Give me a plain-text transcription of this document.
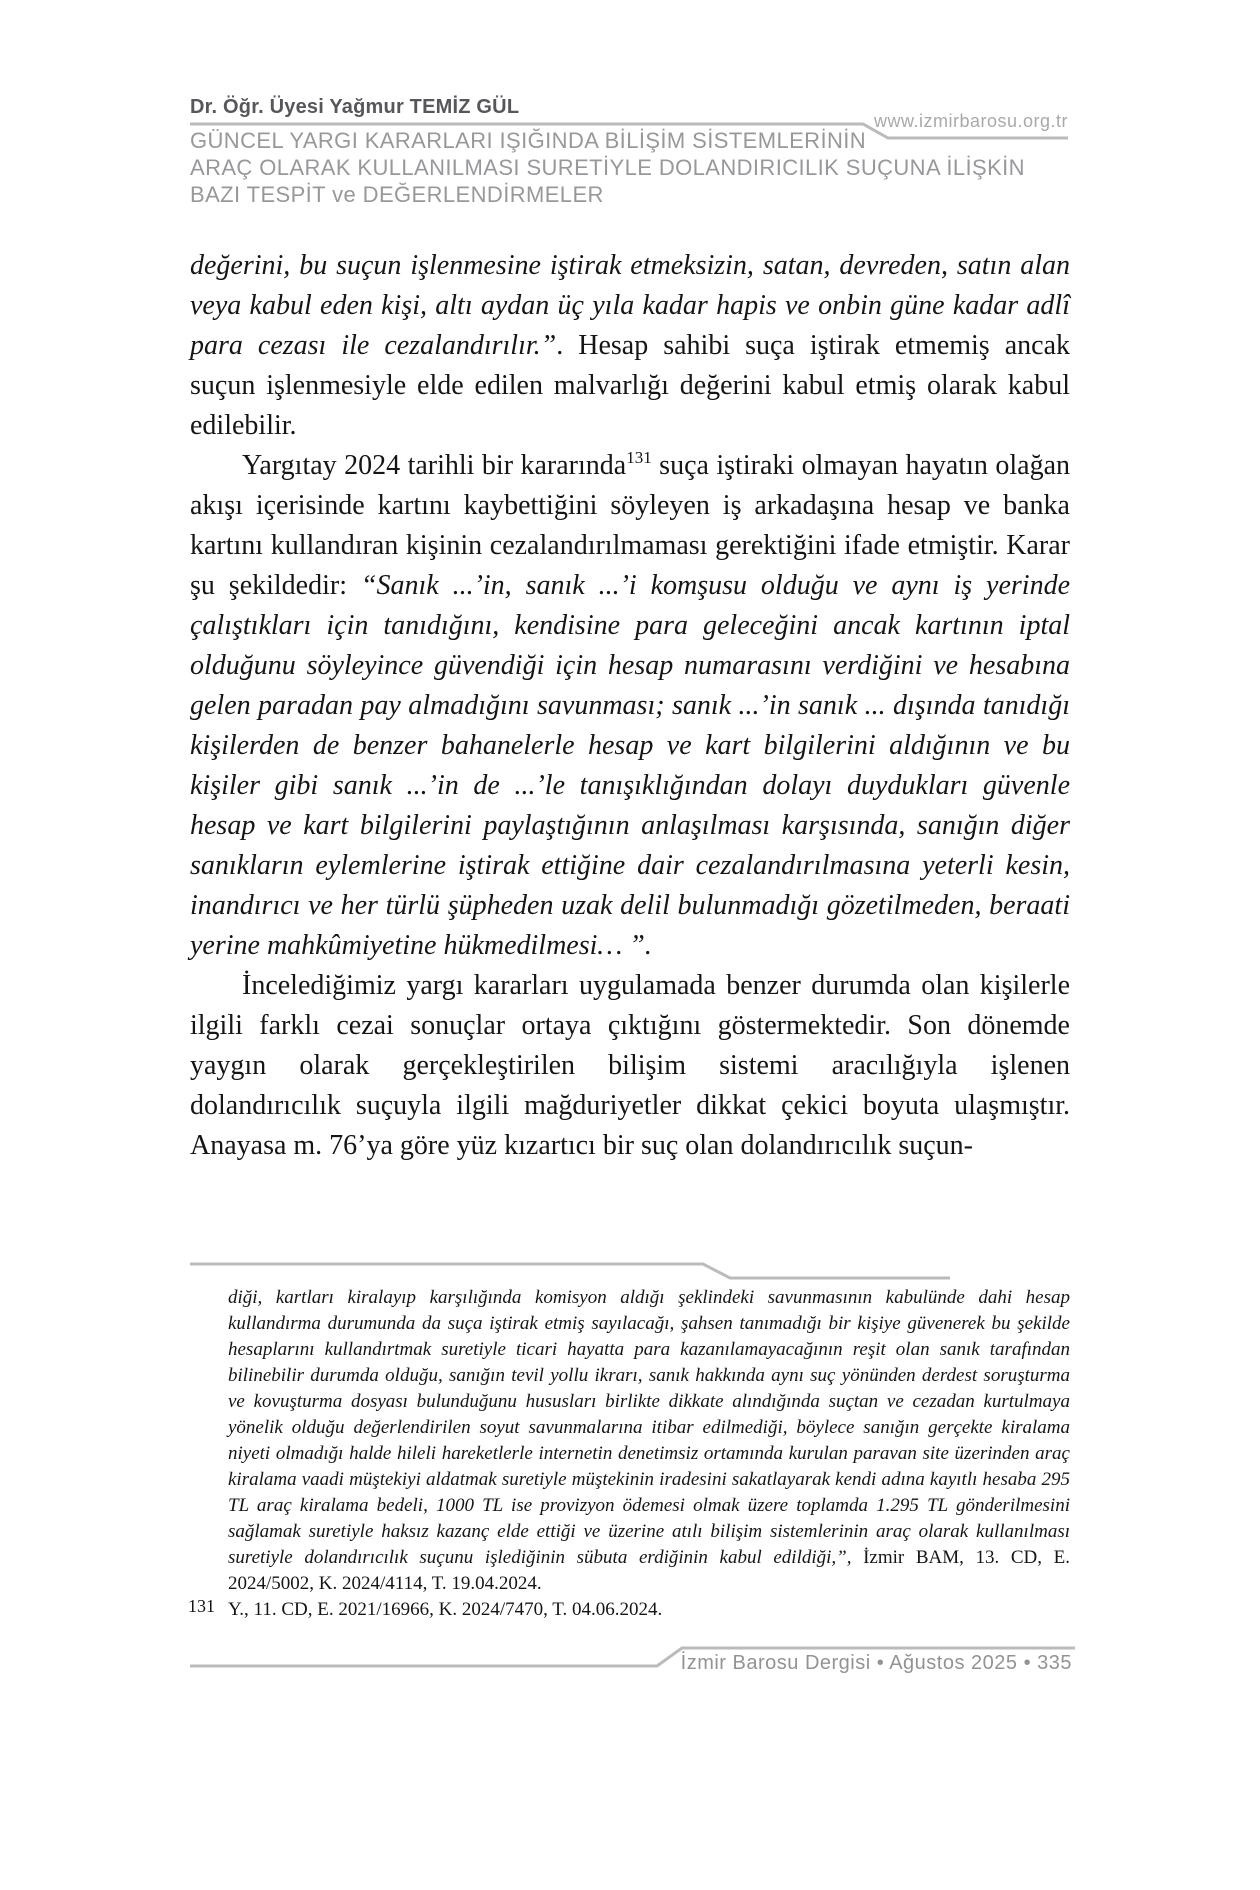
Dr. Öğr. Üyesi Yağmur TEMİZ GÜL
www.izmirbarosu.org.tr
GÜNCEL YARGI KARARLARI IŞIĞINDA BİLİŞİM SİSTEMLERİNİN
ARAÇ OLARAK KULLANILMASI SURETİYLE DOLANDIRICILIK SUÇUNA İLİŞKİN
BAZI TESPİT ve DEĞERLENDİRMELER

değerini, bu suçun işlenmesine iştirak etmeksizin, satan, devreden, satın alan veya kabul eden kişi, altı aydan üç yıla kadar hapis ve onbin güne kadar adlî para cezası ile cezalandırılır.”. Hesap sahibi suça iştirak etmemiş ancak suçun işlenmesiyle elde edilen malvarlığı değerini kabul etmiş olarak kabul edilebilir.

Yargıtay 2024 tarihli bir kararında$^{131}$ suça iştiraki olmayan hayatın olağan akışı içerisinde kartını kaybettiğini söyleyen iş arkadaşına hesap ve banka kartını kullandıran kişinin cezalandırılmaması gerektiğini ifade etmiştir. Karar şu şekildedir: “Sanık ...’in, sanık ...’i komşusu olduğu ve aynı iş yerinde çalıştıkları için tanıdığını, kendisine para geleceğini ancak kartının iptal olduğunu söyleyince güvendiği için hesap numarasını verdiğini ve hesabına gelen paradan pay almadığını savunması; sanık ...’in sanık ... dışında tanıdığı kişilerden de benzer bahanelerle hesap ve kart bilgilerini aldığının ve bu kişiler gibi sanık ...’in de ...’le tanışıklığından dolayı duydukları güvenle hesap ve kart bilgilerini paylaştığının anlaşılması karşısında, sanığın diğer sanıkların eylemlerine iştirak ettiğine dair cezalandırılmasına yeterli kesin, inandırıcı ve her türlü şüpheden uzak delil bulunmadığı gözetilmeden, beraati yerine mahkûmiyetine hükmedilmesi… ”.

İncelediğimiz yargı kararları uygulamada benzer durumda olan kişilerle ilgili farklı cezai sonuçlar ortaya çıktığını göstermektedir. Son dönemde yaygın olarak gerçekleştirilen bilişim sistemi aracılığıyla işlenen dolandırıcılık suçuyla ilgili mağduriyetler dikkat çekici boyuta ulaşmıştır. Anayasa m. 76’ya göre yüz kızartıcı bir suç olan dolandırıcılık suçun-

diği, kartları kiralayıp karşılığında komisyon aldığı şeklindeki savunmasının kabulünde dahi hesap kullandırma durumunda da suça iştirak etmiş sayılacağı, şahsen tanımadığı bir kişiye güvenerek bu şekilde hesaplarını kullandırtmak suretiyle ticari hayatta para kazanılamayacağının reşit olan sanık tarafından bilinebilir durumda olduğu, sanığın tevil yollu ikrarı, sanık hakkında aynı suç yönünden derdest soruşturma ve kovuşturma dosyası bulunduğunu hususları birlikte dikkate alındığında suçtan ve cezadan kurtulmaya yönelik olduğu değerlendirilen soyut savunmalarına itibar edilmediği, böylece sanığın gerçekte kiralama niyeti olmadığı halde hileli hareketlerle internetin denetimsiz ortamında kurulan paravan site üzerinden araç kiralama vaadi müştekiyi aldatmak suretiyle müştekinin iradesini sakatlayarak kendi adına kayıtlı hesaba 295 TL araç kiralama bedeli, 1000 TL ise provizyon ödemesi olmak üzere toplamda 1.295 TL gönderilmesini sağlamak suretiyle haksız kazanç elde ettiği ve üzerine atılı bilişim sistemlerinin araç olarak kullanılması suretiyle dolandırıcılık suçunu işlediğinin sübuta erdiğinin kabul edildiği,”, İzmir BAM, 13. CD, E. 2024/5002, K. 2024/4114, T. 19.04.2024.

131 Y., 11. CD, E. 2021/16966, K. 2024/7470, T. 04.06.2024.

İzmir Barosu Dergisi • Ağustos 2025 • 335
